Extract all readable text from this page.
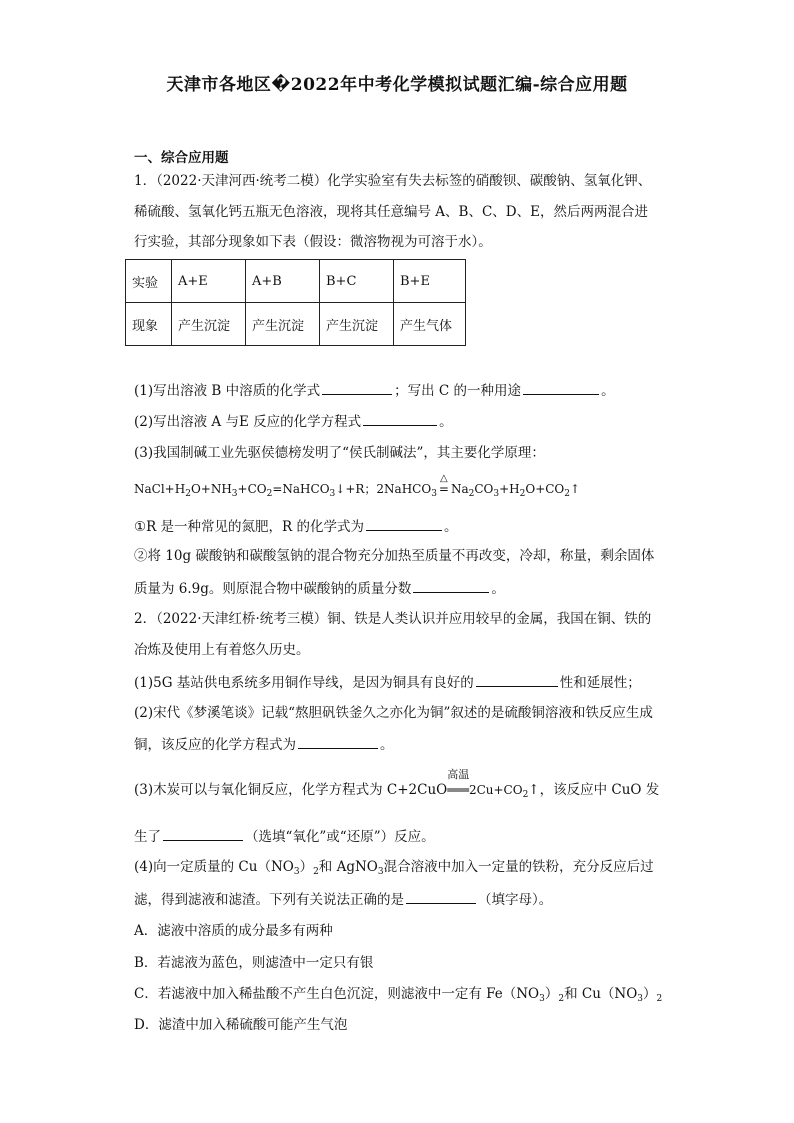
天津市各地区�2022年中考化学模拟试题汇编-综合应用题
一、综合应用题
1．（2022·天津河西·统考二模）化学实验室有失去标签的硝酸钡、碳酸钠、氢氧化钾、
稀硫酸、氢氧化钙五瓶无色溶液，现将其任意编号 A、B、C、D、E，然后两两混合进
行实验，其部分现象如下表（假设：微溶物视为可溶于水）。
实验	A+E	A+B	B+C	B+E
现象	产生沉淀	产生沉淀	产生沉淀	产生气体
(1)写出溶液 B 中溶质的化学式	；写出 C 的一种用途	。
(2)写出溶液 A 与E 反应的化学方程式	。
(3)我国制碱工业先驱侯德榜发明了“侯氏制碱法”，其主要化学原理：
$NaCl+H_2O+NH_3+CO_2=NaHCO_3↓+R$；2NaHCO$_3$
△
= $Na_2CO_3+H_2O+CO_2↑$
①R 是一种常见的氮肥，R 的化学式为	。
②将 10g 碳酸钠和碳酸氢钠的混合物充分加热至质量不再改变，冷却，称量，剩余固体
质量为 6.9g。则原混合物中碳酸钠的质量分数	。
2．（2022·天津红桥·统考三模）铜、铁是人类认识并应用较早的金属，我国在铜、铁的
冶炼及使用上有着悠久历史。
(1)5G 基站供电系统多用铜作导线，是因为铜具有良好的	性和延展性；
(2)宋代《梦溪笔谈》记载“熬胆矾铁釜久之亦化为铜”叙述的是硫酸铜溶液和铁反应生成
铜，该反应的化学方程式为	。
(3)木炭可以与氧化铜反应，化学方程式为 C+2CuO
高温
$═══2Cu+CO_2↑$，该反应中 CuO 发
生了	（选填“氧化”或“还原”）反应。
(4)向一定质量的 $Cu(NO_3)_2$和 AgNO$_3$混合溶液中加入一定量的铁粉，充分反应后过
滤，得到滤液和滤渣。下列有关说法正确的是	（填字母）。
A．滤液中溶质的成分最多有两种
B．若滤液为蓝色，则滤渣中一定只有银
C．若滤液中加入稀盐酸不产生白色沉淀，则滤液中一定有 $Fe(NO_3)_2$和 $Cu(NO_3)_2$
D．滤渣中加入稀硫酸可能产生气泡
